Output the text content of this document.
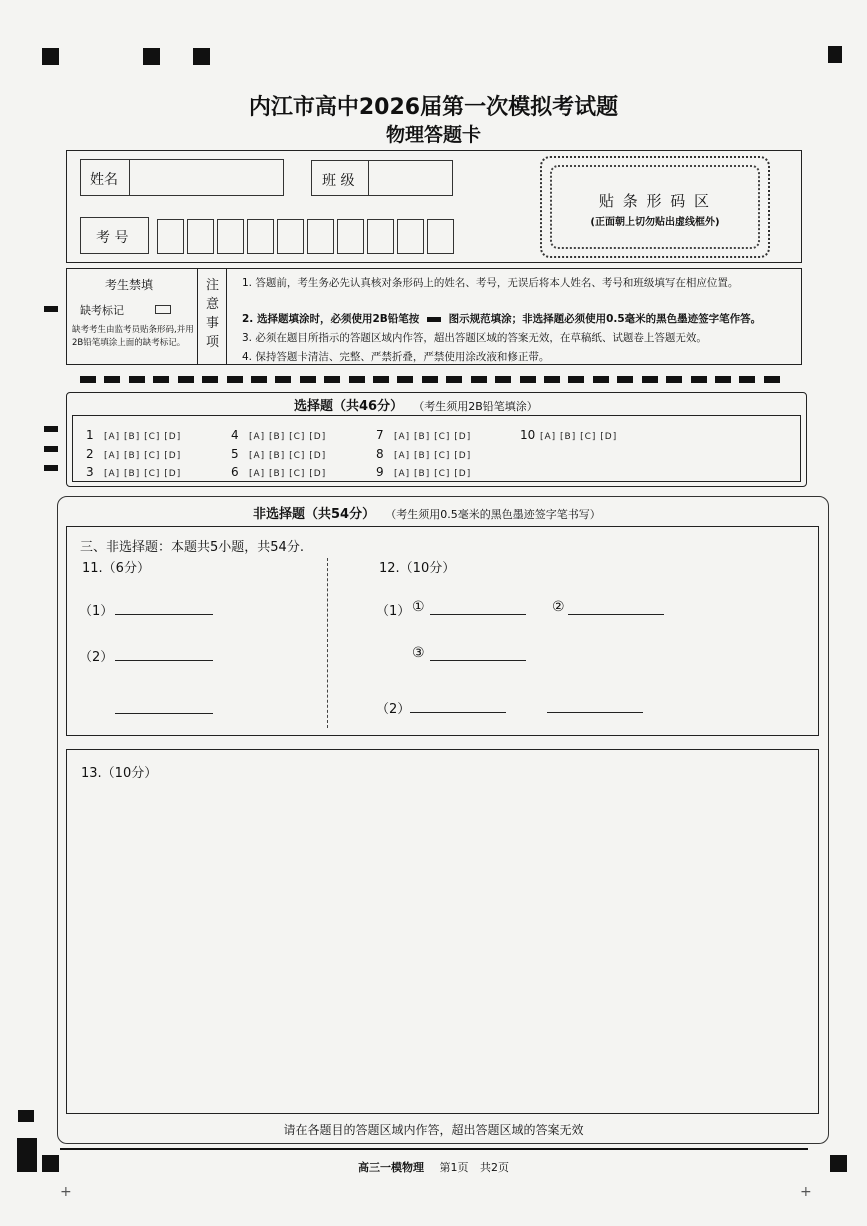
+	+
内江市高中2026届第一次模拟考试题
物理答题卡
姓名	班 级
考 号
贴 条 形 码 区
(正面朝上切勿贴出虚线框外)
考生禁填
缺考标记
缺考考生由监考员贴条形码,并用2B铅笔填涂上面的缺考标记。
注
意
事
项
1. 答题前，考生务必先认真核对条形码上的姓名、考号，无误后将本人姓名、考号和班级填写在相应位置。
2. 选择题填涂时，必须使用2B铅笔按	图示规范填涂；非选择题必须使用0.5毫米的黑色墨迹签字笔作答。
3. 必须在题目所指示的答题区域内作答，超出答题区域的答案无效，在草稿纸、试题卷上答题无效。
4. 保持答题卡清洁、完整、严禁折叠，严禁使用涂改液和修正带。
选择题（共46分） （考生须用2B铅笔填涂）
1 [A] [B] [C] [D]
2 [A] [B] [C] [D]
3 [A] [B] [C] [D]
4 [A] [B] [C] [D]
5 [A] [B] [C] [D]
6 [A] [B] [C] [D]
7 [A] [B] [C] [D]
8 [A] [B] [C] [D]
9 [A] [B] [C] [D]
10 [A] [B] [C] [D]
非选择题（共54分） （考生须用0.5毫米的黑色墨迹签字笔书写）
三、非选择题：本题共5小题，共54分.
11.（6分）
（1）
（2）
12.（10分）
（1） ①	②
③
（2）
13.（10分）
请在各题目的答题区域内作答，超出答题区域的答案无效
高三一模物理 第1页 共2页
